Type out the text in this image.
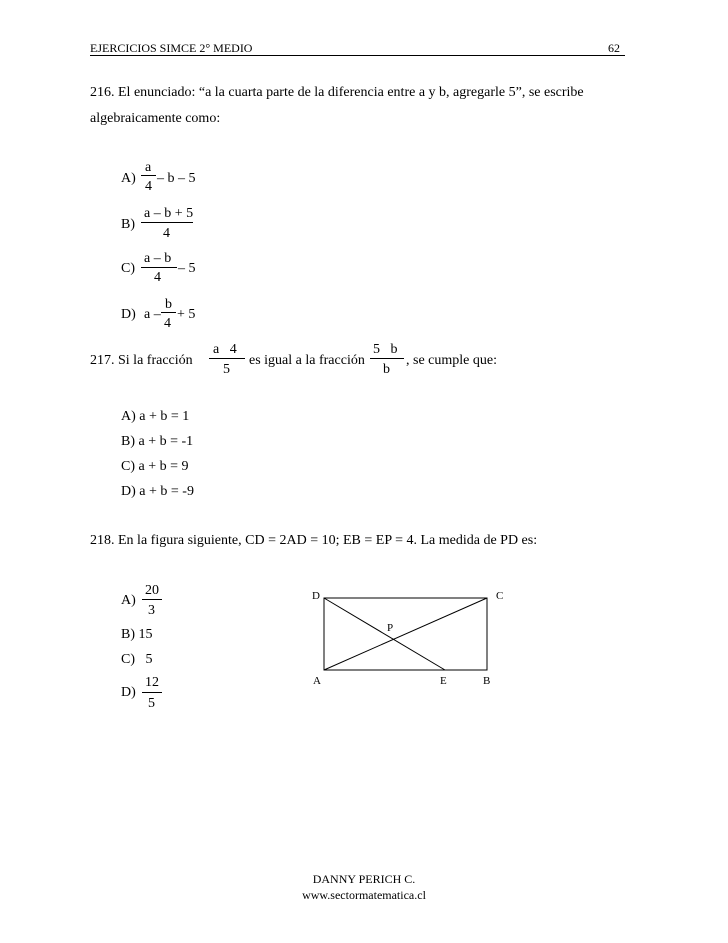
EJERCICIOS SIMCE 2° MEDIO	62
216. El enunciado: “a la cuarta parte de la diferencia entre a y b, agregarle 5”, se escribe
algebraicamente como:
A)
a
4
– b – 5
B)
a – b + 5
4
C)
a – b
4
– 5
D) a –
b
4
+ 5
217. Si la fracción
a   4
5
es igual a la fracción
5   b
b
, se cumple que:
A) a + b = 1
B) a + b = -1
C) a + b = 9
D) a + b = -9
218. En la figura siguiente, CD = 2AD = 10; EB = EP = 4. La medida de PD es:
A)
20
3
B) 15
C)   5
D)
12
5
D	C
P
A	E	B
DANNY PERICH C.
www.sectormatematica.cl
